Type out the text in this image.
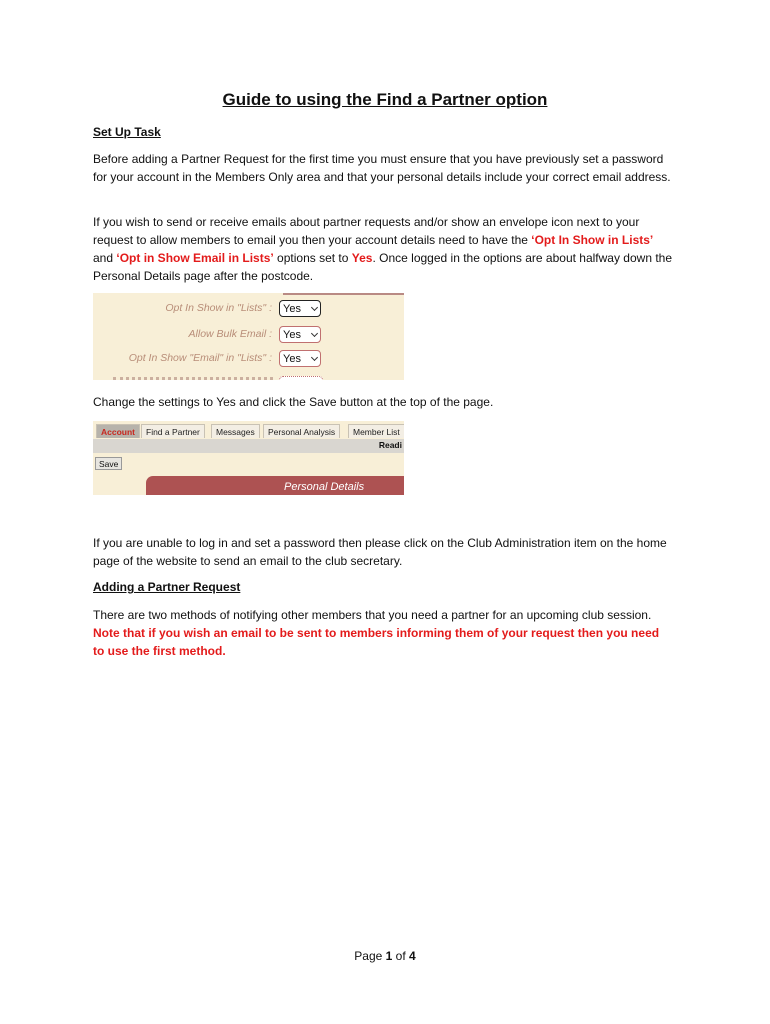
Guide to using the Find a Partner option

Set Up Task

Before adding a Partner Request for the first time you must ensure that you have previously set a password for your account in the Members Only area and that your personal details include your correct email address.

If you wish to send or receive emails about partner requests and/or show an envelope icon next to your request to allow members to email you then your account details need to have the ‘Opt In Show in Lists’ and ‘Opt in Show Email in Lists’ options set to Yes. Once logged in the options are about halfway down the Personal Details page after the postcode.

Opt In Show in "Lists" :	Yes
Allow Bulk Email :	Yes
Opt In Show "Email" in "Lists" :	Yes

Change the settings to Yes and click the Save button at the top of the page.

Account	Find a Partner	Messages	Personal Analysis	Member List
Readi
Save
Personal Details

If you are unable to log in and set a password then please click on the Club Administration item on the home page of the website to send an email to the club secretary.

Adding a Partner Request

There are two methods of notifying other members that you need a partner for an upcoming club session. Note that if you wish an email to be sent to members informing them of your request then you need to use the first method.

Page 1 of 4
